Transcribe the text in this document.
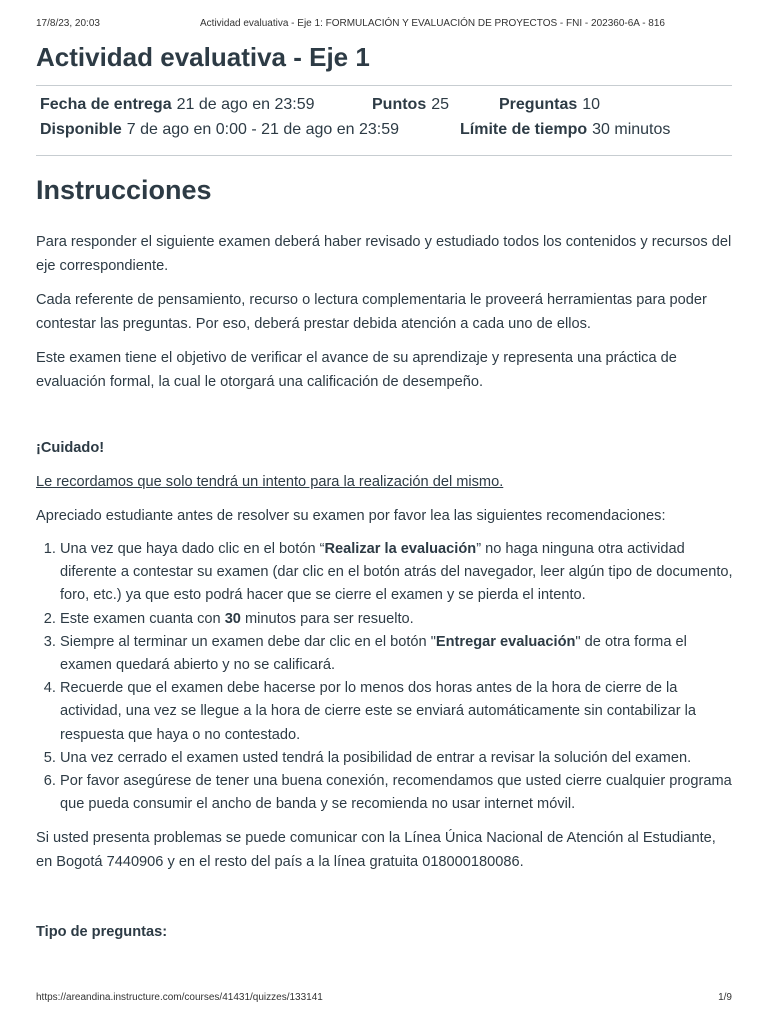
17/8/23, 20:03	Actividad evaluativa - Eje 1: FORMULACIÓN Y EVALUACIÓN DE PROYECTOS - FNI - 202360-6A - 816
Actividad evaluativa - Eje 1
Fecha de entrega 21 de ago en 23:59	Puntos 25	Preguntas 10
Disponible 7 de ago en 0:00 - 21 de ago en 23:59	Límite de tiempo 30 minutos
Instrucciones

Para responder el siguiente examen deberá haber revisado y estudiado todos los contenidos y recursos del eje correspondiente.

Cada referente de pensamiento, recurso o lectura complementaria le proveerá herramientas para poder contestar las preguntas. Por eso, deberá prestar debida atención a cada uno de ellos.

Este examen tiene el objetivo de verificar el avance de su aprendizaje y representa una práctica de evaluación formal, la cual le otorgará una calificación de desempeño.

¡Cuidado!

Le recordamos que solo tendrá un intento para la realización del mismo.

Apreciado estudiante antes de resolver su examen por favor lea las siguientes recomendaciones:

1. Una vez que haya dado clic en el botón “Realizar la evaluación” no haga ninguna otra actividad diferente a contestar su examen (dar clic en el botón atrás del navegador, leer algún tipo de documento, foro, etc.) ya que esto podrá hacer que se cierre el examen y se pierda el intento.
2. Este examen cuanta con 30 minutos para ser resuelto.
3. Siempre al terminar un examen debe dar clic en el botón "Entregar evaluación" de otra forma el examen quedará abierto y no se calificará.
4. Recuerde que el examen debe hacerse por lo menos dos horas antes de la hora de cierre de la actividad, una vez se llegue a la hora de cierre este se enviará automáticamente sin contabilizar la respuesta que haya o no contestado.
5. Una vez cerrado el examen usted tendrá la posibilidad de entrar a revisar la solución del examen.
6. Por favor asegúrese de tener una buena conexión, recomendamos que usted cierre cualquier programa que pueda consumir el ancho de banda y se recomienda no usar internet móvil.

Si usted presenta problemas se puede comunicar con la Línea Única Nacional de Atención al Estudiante, en Bogotá 7440906 y en el resto del país a la línea gratuita 018000180086.

Tipo de preguntas:

https://areandina.instructure.com/courses/41431/quizzes/133141	1/9
